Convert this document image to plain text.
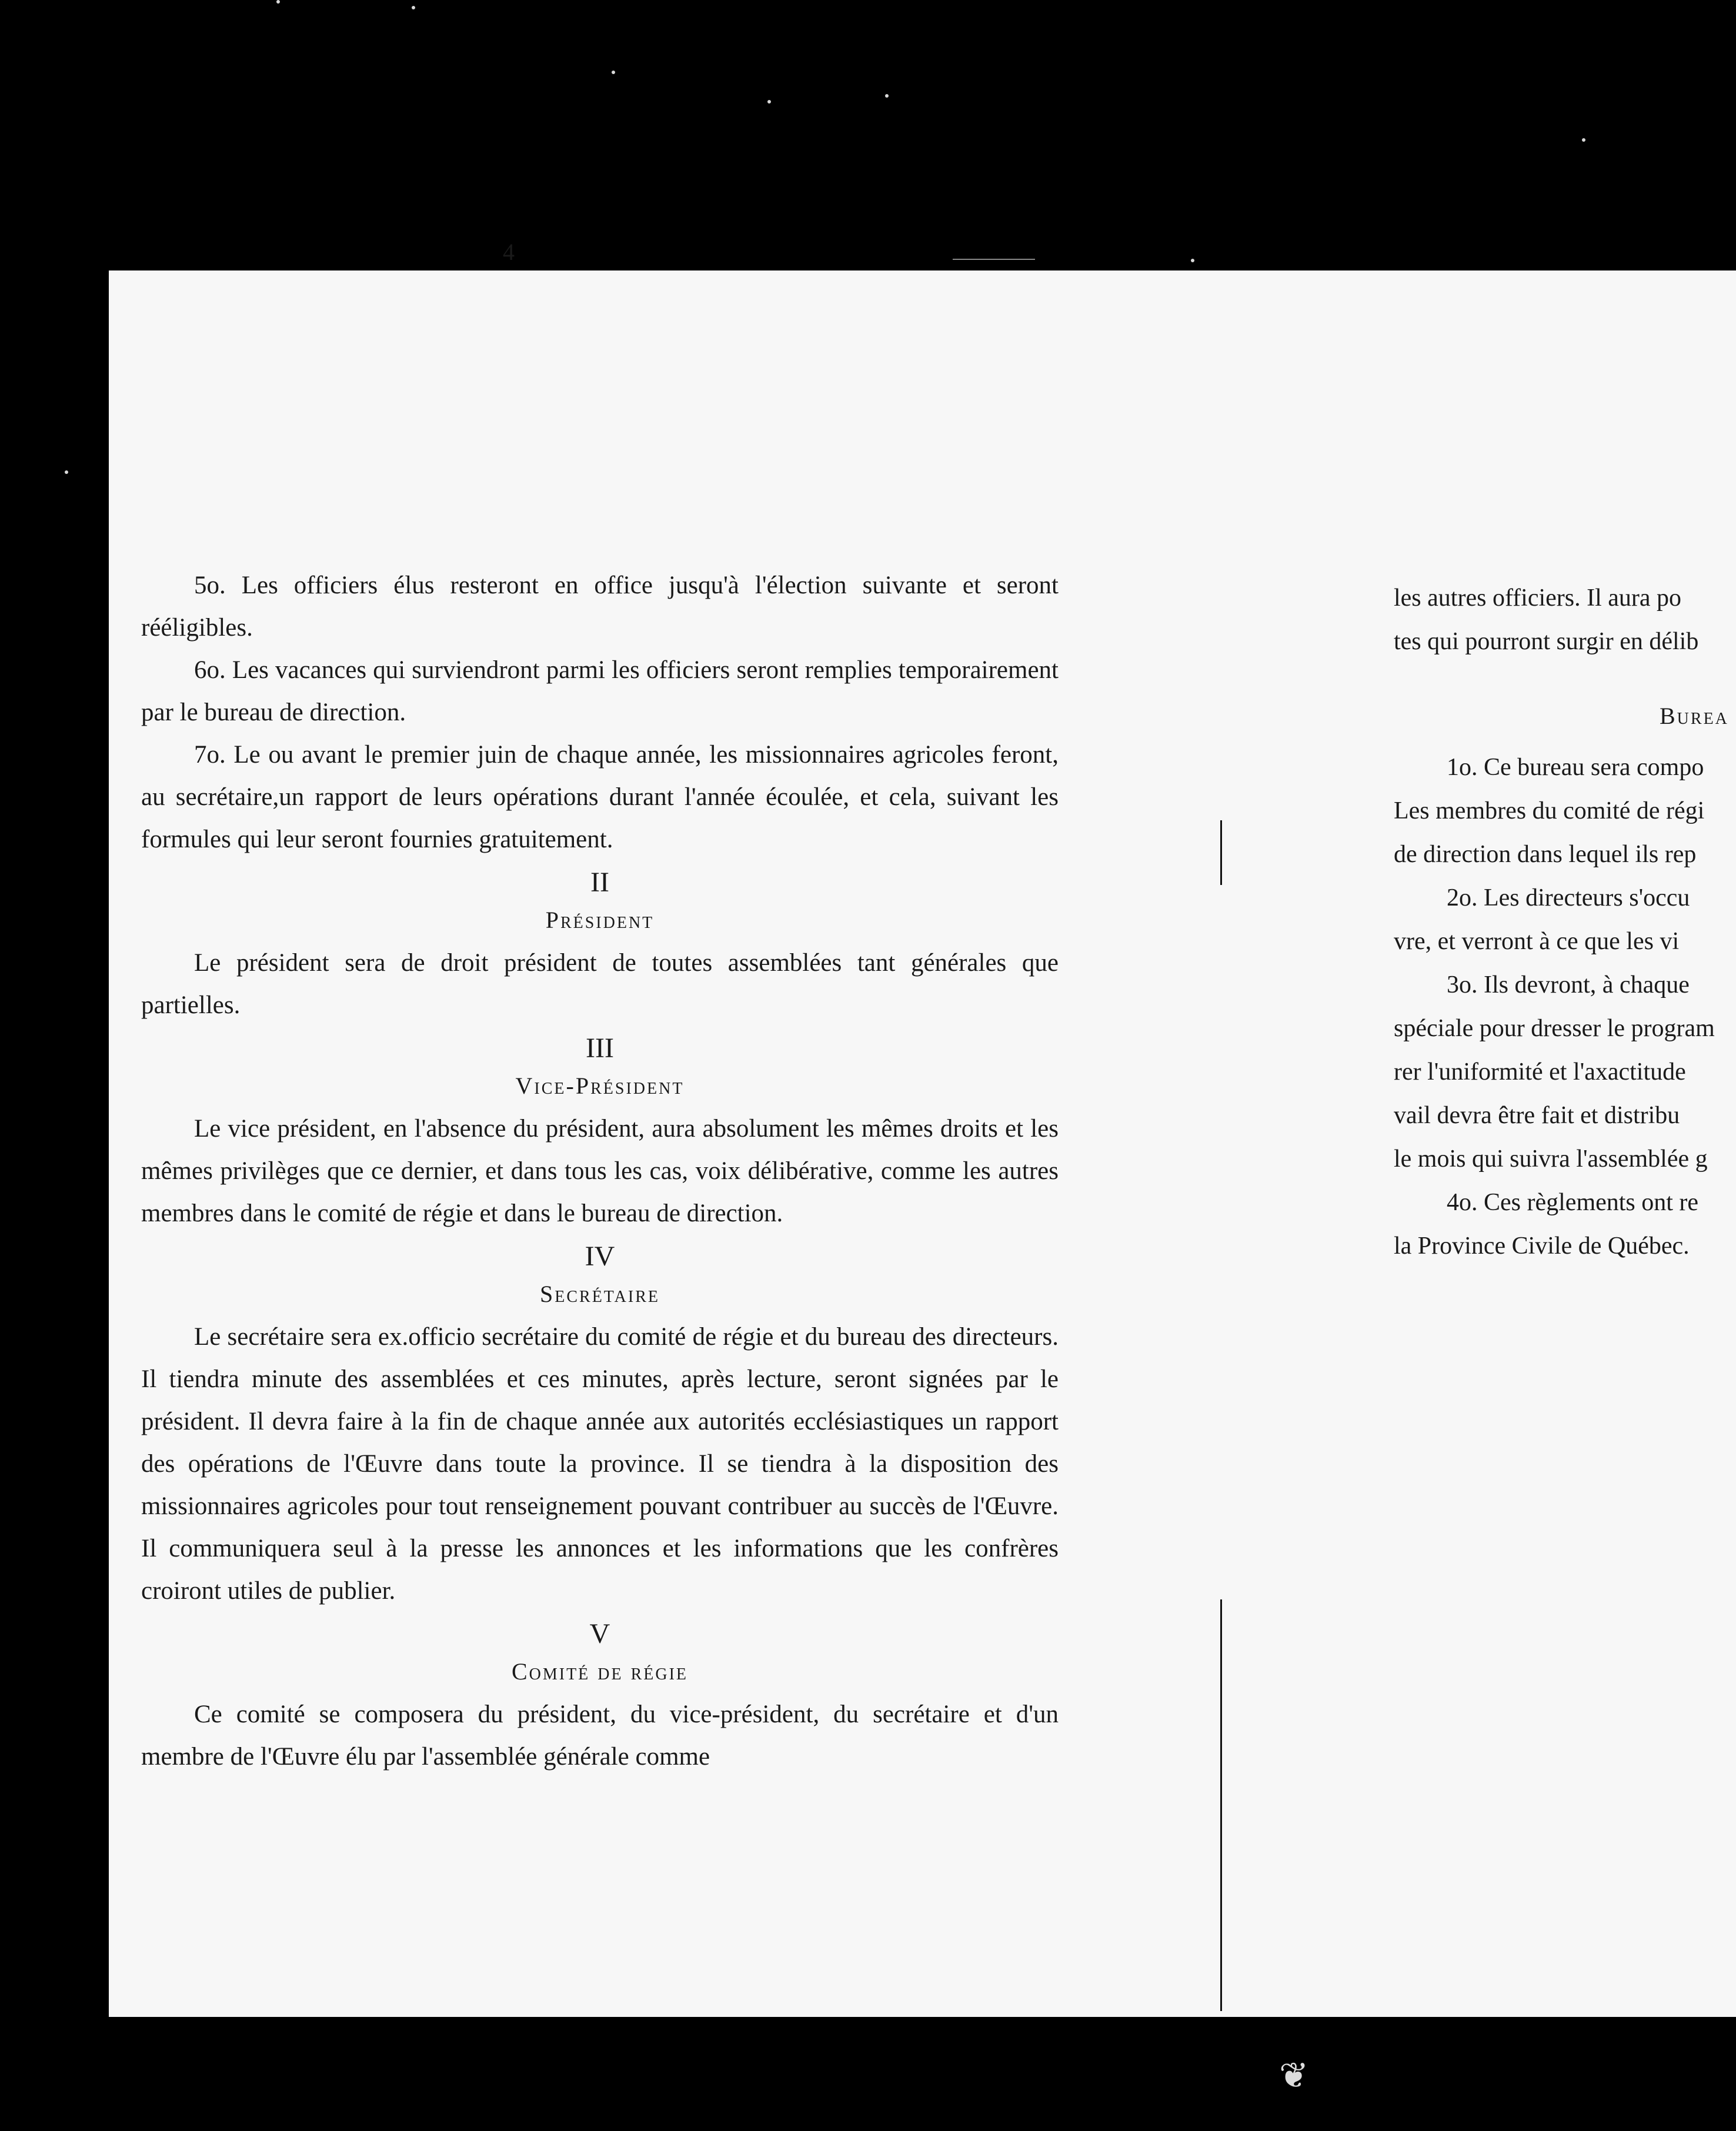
4

5o. Les officiers élus resteront en office jusqu'à l'élection suivante et seront rééligibles.

6o. Les vacances qui surviendront parmi les officiers seront remplies temporairement par le bureau de direction.

7o. Le ou avant le premier juin de chaque année, les missionnaires agricoles feront, au secrétaire,un rapport de leurs opérations durant l'année écoulée, et cela, suivant les formules qui leur seront fournies gratuitement.

II
Président

Le président sera de droit président de toutes assemblées tant générales que partielles.

III
Vice-Président

Le vice président, en l'absence du président, aura absolument les mêmes droits et les mêmes privilèges que ce dernier, et dans tous les cas, voix délibérative, comme les autres membres dans le comité de régie et dans le bureau de direction.

IV
Secrétaire

Le secrétaire sera ex.officio secrétaire du comité de régie et du bureau des directeurs. Il tiendra minute des assemblées et ces minutes, après lecture, seront signées par le président. Il devra faire à la fin de chaque année aux autorités ecclésiastiques un rapport des opérations de l'Œuvre dans toute la province. Il se tiendra à la disposition des missionnaires agricoles pour tout renseignement pouvant contribuer au succès de l'Œuvre. Il communiquera seul à la presse les annonces et les informations que les confrères croiront utiles de publier.

V
Comité de régie

Ce comité se composera du président, du vice-président, du secrétaire et d'un membre de l'Œuvre élu par l'assemblée générale comme

les autres officiers. Il aura po

tes qui pourront surgir en délib

Burea

1o. Ce bureau sera compo

Les membres du comité de régi

de direction dans lequel ils rep

2o. Les directeurs s'occu

vre, et verront à ce que les vi

3o. Ils devront, à chaque

spéciale pour dresser le program

rer l'uniformité et l'axactitude

vail devra être fait et distribu

le mois qui suivra l'assemblée g

4o. Ces règlements ont re

la Province Civile de Québec.

❦
